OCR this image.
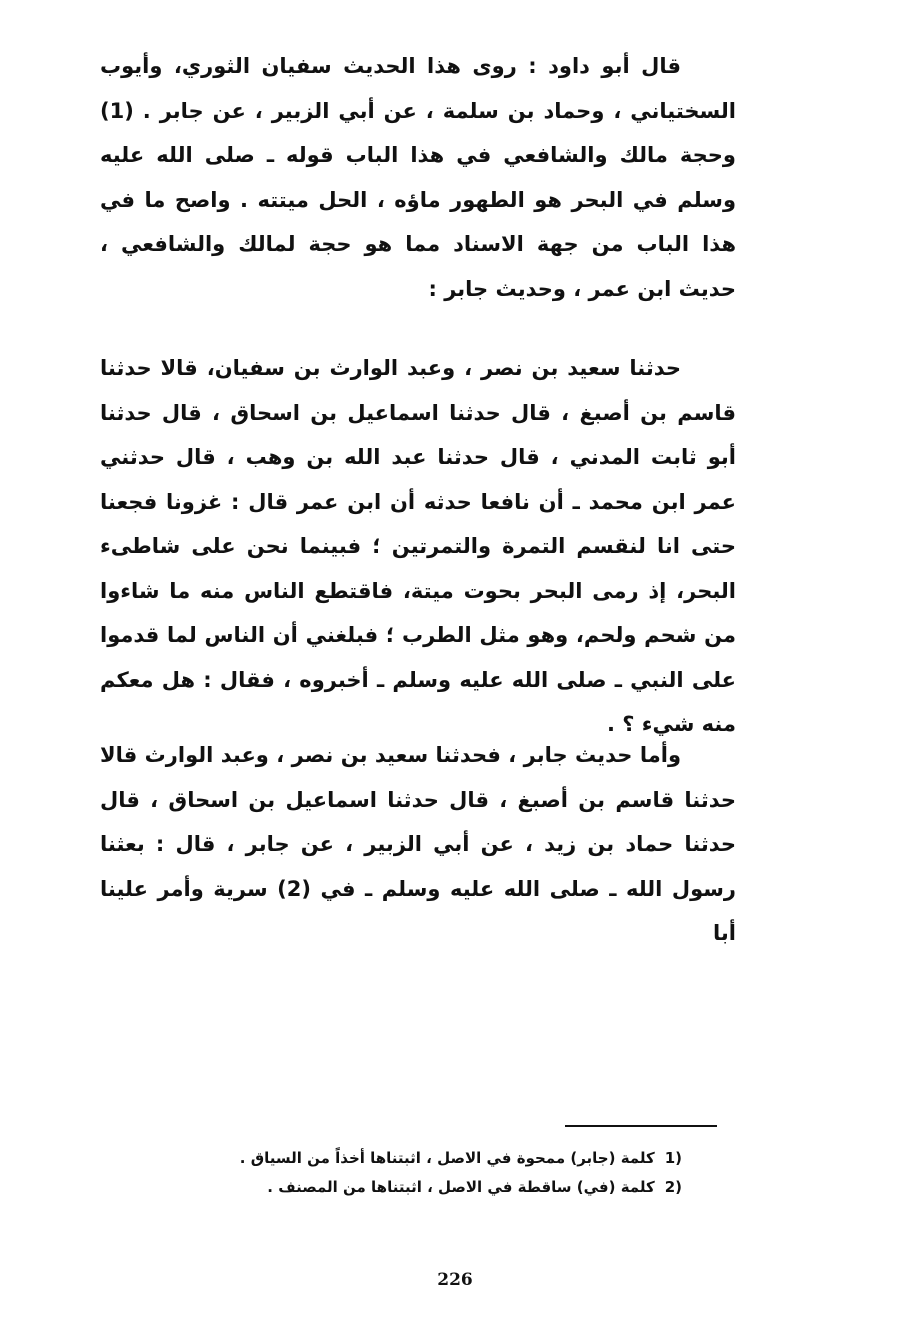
قال أبو داود : روى هذا الحديث سفيان الثوري، وأيوب السختياني ، وحماد بن سلمة ، عن أبي الزبير ، عن جابر . (1) وحجة مالك والشافعي في هذا الباب قوله ـ صلى الله عليه وسلم في البحر هو الطهور ماؤه ، الحل ميتته . واصح ما في هذا الباب من جهة الاسناد مما هو حجة لمالك والشافعي ، حديث ابن عمر ، وحديث جابر :

حدثنا سعيد بن نصر ، وعبد الوارث بن سفيان، قالا حدثنا قاسم بن أصبغ ، قال حدثنا اسماعيل بن اسحاق ، قال حدثنا أبو ثابت المدني ، قال حدثنا عبد الله بن وهب ، قال حدثني عمر ابن محمد ـ أن نافعا حدثه أن ابن عمر قال : غزونا فجعنا حتى انا لنقسم التمرة والتمرتين ؛ فبينما نحن على شاطىء البحر، إذ رمى البحر بحوت ميتة، فاقتطع الناس منه ما شاءوا من شحم ولحم، وهو مثل الطرب ؛ فبلغني أن الناس لما قدموا على النبي ـ صلى الله عليه وسلم ـ أخبروه ، فقال : هل معكم منه شيء ؟ .

وأما حديث جابر ، فحدثنا سعيد بن نصر ، وعبد الوارث قالا حدثنا قاسم بن أصبغ ، قال حدثنا اسماعيل بن اسحاق ، قال حدثنا حماد بن زيد ، عن أبي الزبير ، عن جابر ، قال : بعثنا رسول الله ـ صلى الله عليه وسلم ـ في (2) سرية وأمر علينا أبا

(1كلمة (جابر) ممحوة في الاصل ، اثبتناها أخذاً من السياق .

(2كلمة (في) ساقطة في الاصل ، اثبتناها من المصنف .

226
